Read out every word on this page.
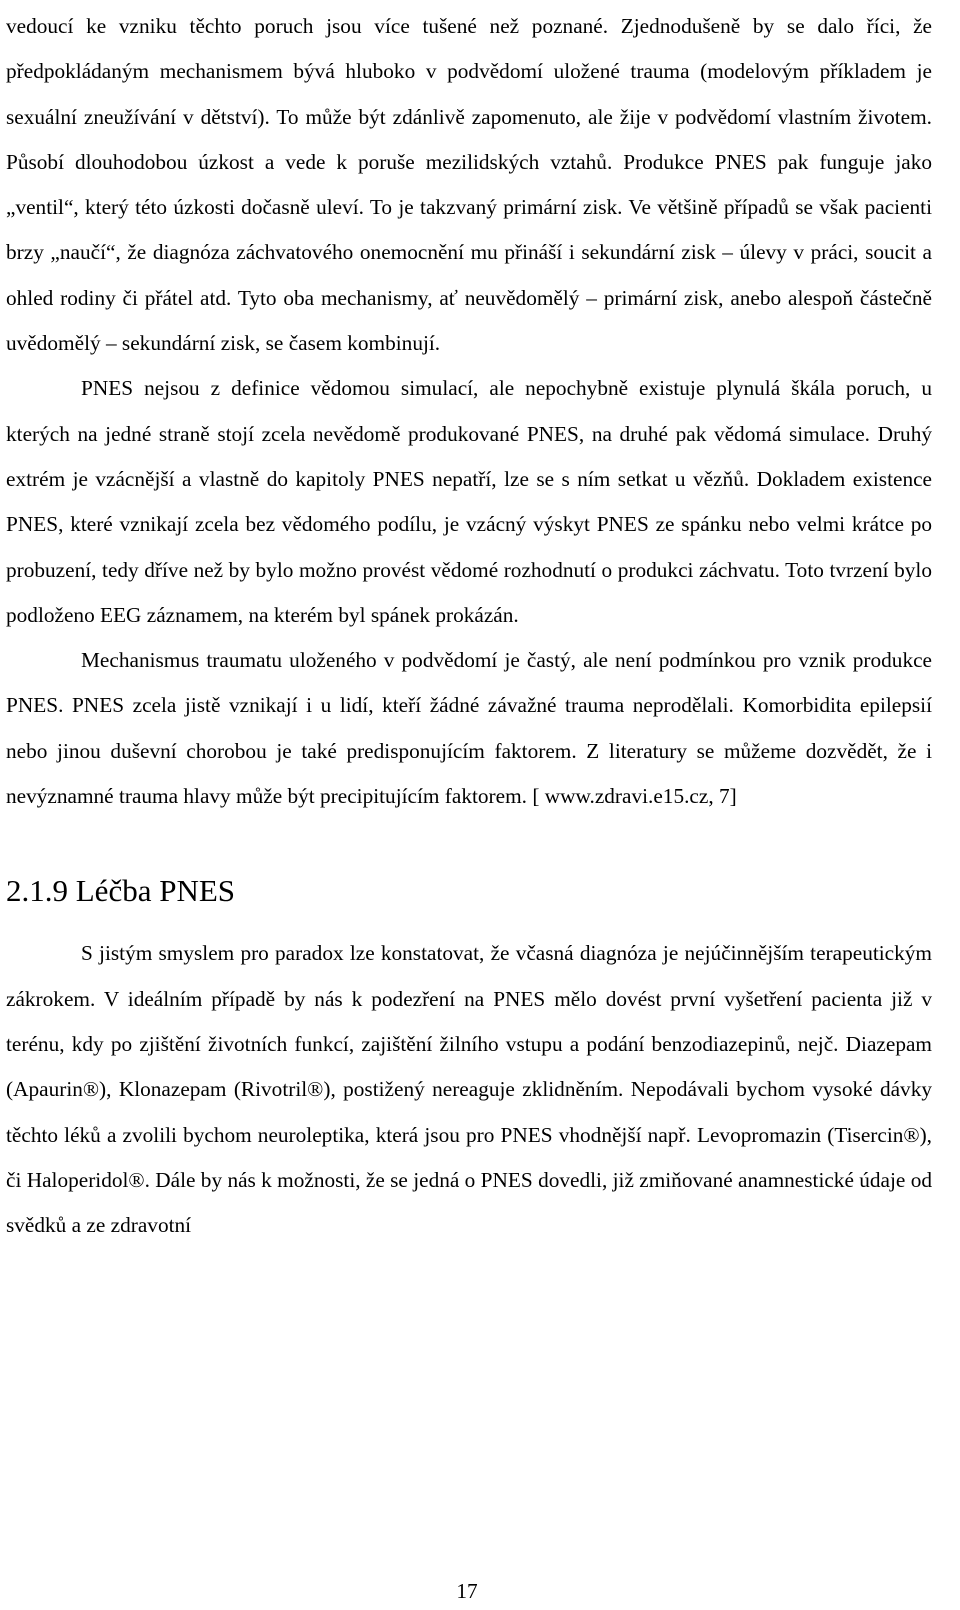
vedoucí ke vzniku těchto poruch jsou více tušené než poznané. Zjednodušeně by se dalo říci, že předpokládaným mechanismem bývá hluboko v podvědomí uložené trauma (modelovým příkladem je sexuální zneužívání v dětství). To může být zdánlivě zapomenuto, ale žije v podvědomí vlastním životem. Působí dlouhodobou úzkost a vede k poruše mezilidských vztahů. Produkce PNES pak funguje jako „ventil“, který této úzkosti dočasně uleví. To je takzvaný primární zisk. Ve většině případů se však pacienti brzy „naučí“, že diagnóza záchvatového onemocnění mu přináší i sekundární zisk – úlevy v práci, soucit a ohled rodiny či přátel atd. Tyto oba mechanismy, ať neuvědomělý – primární zisk, anebo alespoň částečně uvědomělý – sekundární zisk, se časem kombinují.

PNES nejsou z definice vědomou simulací, ale nepochybně existuje plynulá škála poruch, u kterých na jedné straně stojí zcela nevědomě produkované PNES, na druhé pak vědomá simulace. Druhý extrém je vzácnější a vlastně do kapitoly PNES nepatří, lze se s ním setkat u vězňů. Dokladem existence PNES, které vznikají zcela bez vědomého podílu, je vzácný výskyt PNES ze spánku nebo velmi krátce po probuzení, tedy dříve než by bylo možno provést vědomé rozhodnutí o produkci záchvatu. Toto tvrzení bylo podloženo EEG záznamem, na kterém byl spánek prokázán.

Mechanismus traumatu uloženého v podvědomí je častý, ale není podmínkou pro vznik produkce PNES. PNES zcela jistě vznikají i u lidí, kteří žádné závažné trauma neprodělali. Komorbidita epilepsií nebo jinou duševní chorobou je také predisponujícím faktorem. Z literatury se můžeme dozvědět, že i nevýznamné trauma hlavy může být precipitujícím faktorem. [ www.zdravi.e15.cz, 7]

2.1.9 Léčba PNES

S jistým smyslem pro paradox lze konstatovat, že včasná diagnóza je nejúčinnějším terapeutickým zákrokem. V ideálním případě by nás k podezření na PNES mělo dovést první vyšetření pacienta již v terénu, kdy po zjištění životních funkcí, zajištění žilního vstupu a podání benzodiazepinů, nejč. Diazepam (Apaurin®), Klonazepam (Rivotril®), postižený nereaguje zklidněním. Nepodávali bychom vysoké dávky těchto léků a zvolili bychom neuroleptika, která jsou pro PNES vhodnější např. Levopromazin (Tisercin®), či Haloperidol®. Dále by nás k možnosti, že se jedná o PNES dovedli, již zmiňované anamnestické údaje od svědků a ze zdravotní

17
